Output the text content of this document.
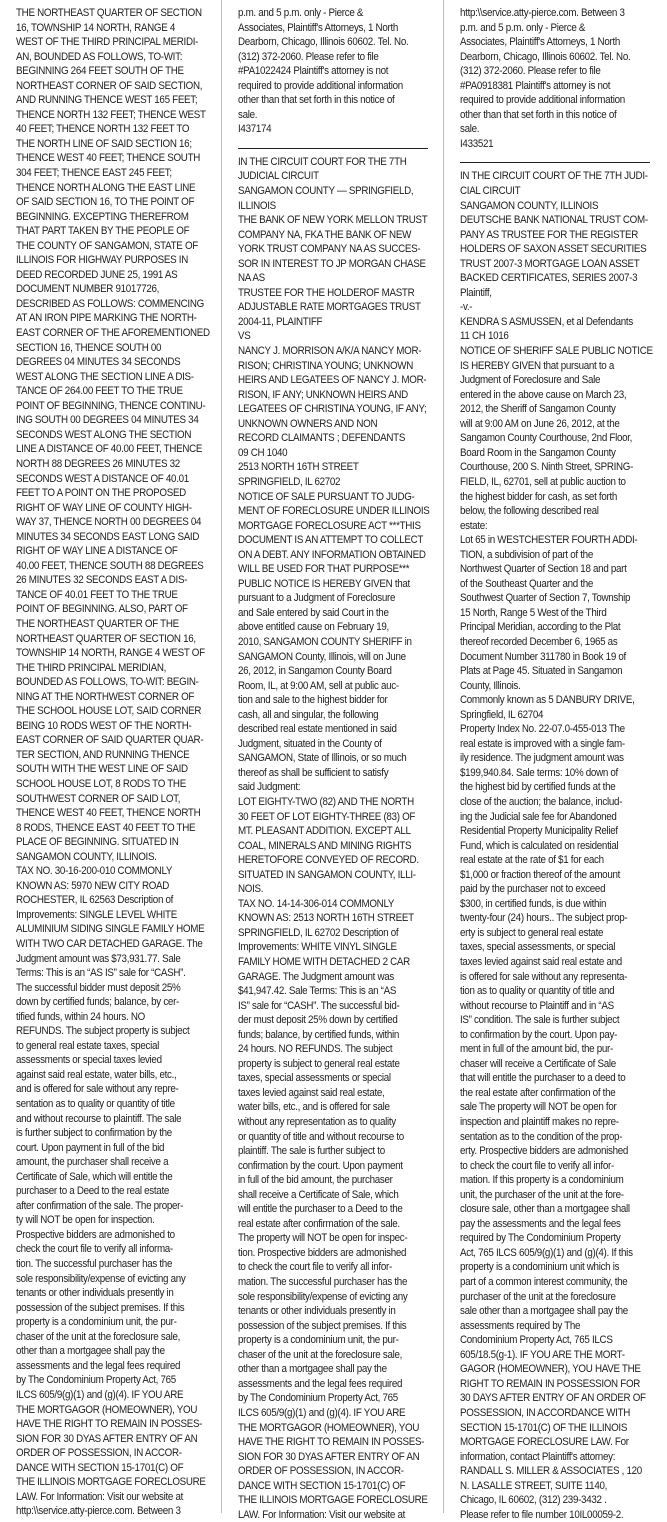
THE NORTHEAST QUARTER OF SECTION
16, TOWNSHIP 14 NORTH, RANGE 4
WEST OF THE THIRD PRINCIPAL MERIDI-
AN, BOUNDED AS FOLLOWS, TO-WIT:
BEGINNING 264 FEET SOUTH OF THE
NORTHEAST CORNER OF SAID SECTION,
AND RUNNING THENCE WEST 165 FEET;
THENCE NORTH 132 FEET; THENCE WEST
40 FEET; THENCE NORTH 132 FEET TO
THE NORTH LINE OF SAID SECTION 16;
THENCE WEST 40 FEET; THENCE SOUTH
304 FEET; THENCE EAST 245 FEET;
THENCE NORTH ALONG THE EAST LINE
OF SAID SECTION 16, TO THE POINT OF
BEGINNING. EXCEPTING THEREFROM
THAT PART TAKEN BY THE PEOPLE OF
THE COUNTY OF SANGAMON, STATE OF
ILLINOIS FOR HIGHWAY PURPOSES IN
DEED RECORDED JUNE 25, 1991 AS
DOCUMENT NUMBER 91017726,
DESCRIBED AS FOLLOWS: COMMENCING
AT AN IRON PIPE MARKING THE NORTH-
EAST CORNER OF THE AFOREMENTIONED
SECTION 16, THENCE SOUTH 00
DEGREES 04 MINUTES 34 SECONDS
WEST ALONG THE SECTION LINE A DIS-
TANCE OF 264.00 FEET TO THE TRUE
POINT OF BEGINNING, THENCE CONTINU-
ING SOUTH 00 DEGREES 04 MINUTES 34
SECONDS WEST ALONG THE SECTION
LINE A DISTANCE OF 40.00 FEET, THENCE
NORTH 88 DEGREES 26 MINUTES 32
SECONDS WEST A DISTANCE OF 40.01
FEET TO A POINT ON THE PROPOSED
RIGHT OF WAY LINE OF COUNTY HIGH-
WAY 37, THENCE NORTH 00 DEGREES 04
MINUTES 34 SECONDS EAST LONG SAID
RIGHT OF WAY LINE A DISTANCE OF
40.00 FEET, THENCE SOUTH 88 DEGREES
26 MINUTES 32 SECONDS EAST A DIS-
TANCE OF 40.01 FEET TO THE TRUE
POINT OF BEGINNING. ALSO, PART OF
THE NORTHEAST QUARTER OF THE
NORTHEAST QUARTER OF SECTION 16,
TOWNSHIP 14 NORTH, RANGE 4 WEST OF
THE THIRD PRINCIPAL MERIDIAN,
BOUNDED AS FOLLOWS, TO-WIT: BEGIN-
NING AT THE NORTHWEST CORNER OF
THE SCHOOL HOUSE LOT, SAID CORNER
BEING 10 RODS WEST OF THE NORTH-
EAST CORNER OF SAID QUARTER QUAR-
TER SECTION, AND RUNNING THENCE
SOUTH WITH THE WEST LINE OF SAID
SCHOOL HOUSE LOT, 8 RODS TO THE
SOUTHWEST CORNER OF SAID LOT,
THENCE WEST 40 FEET, THENCE NORTH
8 RODS, THENCE EAST 40 FEET TO THE
PLACE OF BEGINNING. SITUATED IN
SANGAMON COUNTY, ILLINOIS.
TAX NO. 30-16-200-010 COMMONLY
KNOWN AS: 5970 NEW CITY ROAD
ROCHESTER, IL 62563 Description of
Improvements: SINGLE LEVEL WHITE
ALUMINIUM SIDING SINGLE FAMILY HOME
WITH TWO CAR DETACHED GARAGE. The
Judgment amount was $73,931.77. Sale
Terms: This is an “AS IS” sale for “CASH”.
The successful bidder must deposit 25%
down by certified funds; balance, by cer-
tified funds, within 24 hours. NO
REFUNDS. The subject property is subject
to general real estate taxes, special
assessments or special taxes levied
against said real estate, water bills, etc.,
and is offered for sale without any repre-
sentation as to quality or quantity of title
and without recourse to plaintiff. The sale
is further subject to confirmation by the
court. Upon payment in full of the bid
amount, the purchaser shall receive a
Certificate of Sale, which will entitle the
purchaser to a Deed to the real estate
after confirmation of the sale. The proper-
ty will NOT be open for inspection.
Prospective bidders are admonished to
check the court file to verify all informa-
tion. The successful purchaser has the
sole responsibility/expense of evicting any
tenants or other individuals presently in
possession of the subject premises. If this
property is a condominium unit, the pur-
chaser of the unit at the foreclosure sale,
other than a mortgagee shall pay the
assessments and the legal fees required
by The Condominium Property Act, 765
ILCS 605/9(g)(1) and (g)(4). IF YOU ARE
THE MORTGAGOR (HOMEOWNER), YOU
HAVE THE RIGHT TO REMAIN IN POSSES-
SION FOR 30 DYAS AFTER ENTRY OF AN
ORDER OF POSSESSION, IN ACCOR-
DANCE WITH SECTION 15-1701(C) OF
THE ILLINOIS MORTGAGE FORECLOSURE
LAW. For Information: Visit our website at
http:\\service.atty-pierce.com. Between 3
p.m. and 5 p.m. only - Pierce &
Associates, Plaintiff's Attorneys, 1 North
Dearborn, Chicago, Illinois 60602. Tel. No.
(312) 372-2060. Please refer to file
#PA1022424 Plaintiff's attorney is not
required to provide additional information
other than that set forth in this notice of
sale.
I437174
IN THE CIRCUIT COURT FOR THE 7TH
JUDICIAL CIRCUIT
SANGAMON COUNTY — SPRINGFIELD,
ILLINOIS
THE BANK OF NEW YORK MELLON TRUST
COMPANY NA, FKA THE BANK OF NEW
YORK TRUST COMPANY NA AS SUCCES-
SOR IN INTEREST TO JP MORGAN CHASE
NA AS
TRUSTEE FOR THE HOLDEROF MASTR
ADJUSTABLE RATE MORTGAGES TRUST
2004-11, PLAINTIFF
VS
NANCY J. MORRISON A/K/A NANCY MOR-
RISON; CHRISTINA YOUNG; UNKNOWN
HEIRS AND LEGATEES OF NANCY J. MOR-
RISON, IF ANY; UNKNOWN HEIRS AND
LEGATEES OF CHRISTINA YOUNG, IF ANY;
UNKNOWN OWNERS AND NON
RECORD CLAIMANTS ; DEFENDANTS
09 CH 1040
2513 NORTH 16TH STREET
SPRINGFIELD, IL 62702
NOTICE OF SALE PURSUANT TO JUDG-
MENT OF FORECLOSURE UNDER ILLINOIS
MORTGAGE FORECLOSURE ACT ***THIS
DOCUMENT IS AN ATTEMPT TO COLLECT
ON A DEBT. ANY INFORMATION OBTAINED
WILL BE USED FOR THAT PURPOSE***
PUBLIC NOTICE IS HEREBY GIVEN that
pursuant to a Judgment of Foreclosure
and Sale entered by said Court in the
above entitled cause on February 19,
2010, SANGAMON COUNTY SHERIFF in
SANGAMON County, Illinois, will on June
26, 2012, in Sangamon County Board
Room, IL, at 9:00 AM, sell at public auc-
tion and sale to the highest bidder for
cash, all and singular, the following
described real estate mentioned in said
Judgment, situated in the County of
SANGAMON, State of Illinois, or so much
thereof as shall be sufficient to satisfy
said Judgment:
LOT EIGHTY-TWO (82) AND THE NORTH
30 FEET OF LOT EIGHTY-THREE (83) OF
MT. PLEASANT ADDITION. EXCEPT ALL
COAL, MINERALS AND MINING RIGHTS
HERETOFORE CONVEYED OF RECORD.
SITUATED IN SANGAMON COUNTY, ILLI-
NOIS.
TAX NO. 14-14-306-014 COMMONLY
KNOWN AS: 2513 NORTH 16TH STREET
SPRINGFIELD, IL 62702 Description of
Improvements: WHITE VINYL SINGLE
FAMILY HOME WITH DETACHED 2 CAR
GARAGE. The Judgment amount was
$41,947.42. Sale Terms: This is an “AS
IS” sale for “CASH”. The successful bid-
der must deposit 25% down by certified
funds; balance, by certified funds, within
24 hours. NO REFUNDS. The subject
property is subject to general real estate
taxes, special assessments or special
taxes levied against said real estate,
water bills, etc., and is offered for sale
without any representation as to quality
or quantity of title and without recourse to
plaintiff. The sale is further subject to
confirmation by the court. Upon payment
in full of the bid amount, the purchaser
shall receive a Certificate of Sale, which
will entitle the purchaser to a Deed to the
real estate after confirmation of the sale.
The property will NOT be open for inspec-
tion. Prospective bidders are admonished
to check the court file to verify all infor-
mation. The successful purchaser has the
sole responsibility/expense of evicting any
tenants or other individuals presently in
possession of the subject premises. If this
property is a condominium unit, the pur-
chaser of the unit at the foreclosure sale,
other than a mortgagee shall pay the
assessments and the legal fees required
by The Condominium Property Act, 765
ILCS 605/9(g)(1) and (g)(4). IF YOU ARE
THE MORTGAGOR (HOMEOWNER), YOU
HAVE THE RIGHT TO REMAIN IN POSSES-
SION FOR 30 DYAS AFTER ENTRY OF AN
ORDER OF POSSESSION, IN ACCOR-
DANCE WITH SECTION 15-1701(C) OF
THE ILLINOIS MORTGAGE FORECLOSURE
LAW. For Information: Visit our website at
http:\\service.atty-pierce.com. Between 3
p.m. and 5 p.m. only - Pierce &
Associates, Plaintiff's Attorneys, 1 North
Dearborn, Chicago, Illinois 60602. Tel. No.
(312) 372-2060. Please refer to file
#PA0918381 Plaintiff's attorney is not
required to provide additional information
other than that set forth in this notice of
sale.
I433521
IN THE CIRCUIT COURT OF THE 7TH JUDI-
CIAL CIRCUIT
SANGAMON COUNTY, ILLINOIS
DEUTSCHE BANK NATIONAL TRUST COM-
PANY AS TRUSTEE FOR THE REGISTER
HOLDERS OF SAXON ASSET SECURITIES
TRUST 2007-3 MORTGAGE LOAN ASSET
BACKED CERTIFICATES, SERIES 2007-3
Plaintiff,
-v.-
KENDRA S ASMUSSEN, et al Defendants
11 CH 1016
NOTICE OF SHERIFF SALE PUBLIC NOTICE
IS HEREBY GIVEN that pursuant to a
Judgment of Foreclosure and Sale
entered in the above cause on March 23,
2012, the Sheriff of Sangamon County
will at 9:00 AM on June 26, 2012, at the
Sangamon County Courthouse, 2nd Floor,
Board Room in the Sangamon County
Courthouse, 200 S. Ninth Street, SPRING-
FIELD, IL, 62701, sell at public auction to
the highest bidder for cash, as set forth
below, the following described real
estate:
Lot 65 in WESTCHESTER FOURTH ADDI-
TION, a subdivision of part of the
Northwest Quarter of Section 18 and part
of the Southeast Quarter and the
Southwest Quarter of Section 7, Township
15 North, Range 5 West of the Third
Principal Meridian, according to the Plat
thereof recorded December 6, 1965 as
Document Number 311780 in Book 19 of
Plats at Page 45. Situated in Sangamon
County, Illinois.
Commonly known as 5 DANBURY DRIVE,
Springfield, IL 62704
Property Index No. 22-07.0-455-013 The
real estate is improved with a single fam-
ily residence. The judgment amount was
$199,940.84. Sale terms: 10% down of
the highest bid by certified funds at the
close of the auction; the balance, includ-
ing the Judicial sale fee for Abandoned
Residential Property Municipality Relief
Fund, which is calculated on residential
real estate at the rate of $1 for each
$1,000 or fraction thereof of the amount
paid by the purchaser not to exceed
$300, in certified funds, is due within
twenty-four (24) hours.. The subject prop-
erty is subject to general real estate
taxes, special assessments, or special
taxes levied against said real estate and
is offered for sale without any representa-
tion as to quality or quantity of title and
without recourse to Plaintiff and in “AS
IS” condition. The sale is further subject
to confirmation by the court. Upon pay-
ment in full of the amount bid, the pur-
chaser will receive a Certificate of Sale
that will entitle the purchaser to a deed to
the real estate after confirmation of the
sale The property will NOT be open for
inspection and plaintiff makes no repre-
sentation as to the condition of the prop-
erty. Prospective bidders are admonished
to check the court file to verify all infor-
mation. If this property is a condominium
unit, the purchaser of the unit at the fore-
closure sale, other than a mortgagee shall
pay the assessments and the legal fees
required by The Condominium Property
Act, 765 ILCS 605/9(g)(1) and (g)(4). If this
property is a condominium unit which is
part of a common interest community, the
purchaser of the unit at the foreclosure
sale other than a mortgagee shall pay the
assessments required by The
Condominium Property Act, 765 ILCS
605/18.5(g-1). IF YOU ARE THE MORT-
GAGOR (HOMEOWNER), YOU HAVE THE
RIGHT TO REMAIN IN POSSESSION FOR
30 DAYS AFTER ENTRY OF AN ORDER OF
POSSESSION, IN ACCORDANCE WITH
SECTION 15-1701(C) OF THE ILLINOIS
MORTGAGE FORECLOSURE LAW. For
information, contact Plaintiff's attorney:
RANDALL S. MILLER & ASSOCIATES , 120
N. LASALLE STREET, SUITE 1140,
Chicago, IL 60602, (312) 239-3432 .
Please refer to file number 10IL00059-2.
